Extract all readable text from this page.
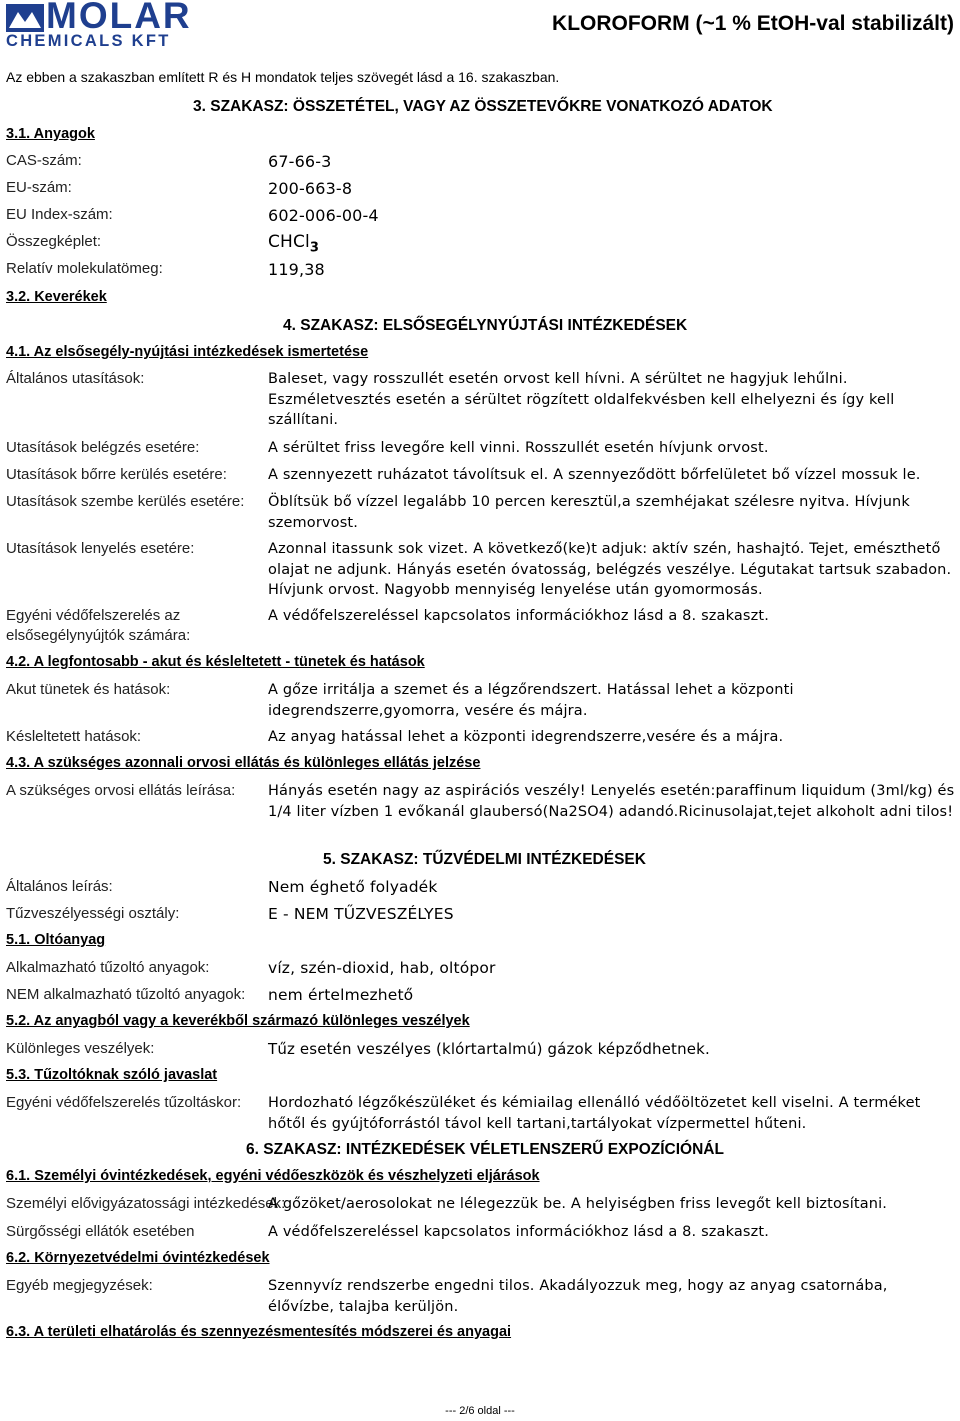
MOLAR
CHEMICALS KFT
KLOROFORM (~1 % EtOH-val stabilizált)
Az ebben a szakaszban említett R és H mondatok teljes szövegét lásd a 16. szakaszban.
3. SZAKASZ: ÖSSZETÉTEL, VAGY AZ ÖSSZETEVŐKRE VONATKOZÓ ADATOK
3.1. Anyagok
CAS-szám:	67-66-3
EU-szám:	200-663-8
EU Index-szám:	602-006-00-4
Összegképlet:	CHCl$_3$
Relatív molekulatömeg:	119,38
3.2. Keverékek
4. SZAKASZ: ELSŐSEGÉLYNYÚJTÁSI INTÉZKEDÉSEK
4.1. Az elsősegély-nyújtási intézkedések ismertetése
Általános utasítások:	Baleset, vagy rosszullét esetén orvost kell hívni. A sérültet ne hagyjuk lehűlni. Eszméletvesztés esetén a sérültet rögzített oldalfekvésben kell elhelyezni és így kell szállítani.
Utasítások belégzés esetére:	A sérültet friss levegőre kell vinni. Rosszullét esetén hívjunk orvost.
Utasítások bőrre kerülés esetére:	A szennyezett ruházatot távolítsuk el. A szennyeződött bőrfelületet bő vízzel mossuk le.
Utasítások szembe kerülés esetére: Öblítsük bő vízzel legalább 10 percen keresztül,a szemhéjakat szélesre nyitva. Hívjunk szemorvost.
Utasítások lenyelés esetére:	Azonnal itassunk sok vizet. A következő(ke)t adjuk: aktív szén, hashajtó. Tejet, emészthető olajat ne adjunk. Hányás esetén óvatosság, belégzés veszélye. Légutakat tartsuk szabadon. Hívjunk orvost. Nagyobb mennyiség lenyelése után gyomormosás.
Egyéni védőfelszerelés az
elsősegélynyújtók számára:
A védőfelszereléssel kapcsolatos információkhoz lásd a 8. szakaszt.
4.2. A legfontosabb - akut és késleltetett - tünetek és hatások
Akut tünetek és hatások:	A gőze irritálja a szemet és a légzőrendszert. Hatással lehet a központi idegrendszerre,gyomorra, vesére és májra.
Késleltetett hatások:	Az anyag hatással lehet a központi idegrendszerre,vesére és a májra.
4.3. A szükséges azonnali orvosi ellátás és különleges ellátás jelzése
A szükséges orvosi ellátás leírása: Hányás esetén nagy az aspirációs veszély! Lenyelés esetén:paraffinum liquidum (3ml/kg) és 1/4 liter vízben 1 evőkanál glaubersó(Na2SO4) adandó.Ricinusolajat,tejet alkoholt adni tilos!
5. SZAKASZ: TŰZVÉDELMI INTÉZKEDÉSEK
Általános leírás:	Nem éghető folyadék
Tűzveszélyességi osztály:	E - NEM TŰZVESZÉLYES
5.1. Oltóanyag
Alkalmazható tűzoltó anyagok:	víz, szén-dioxid, hab, oltópor
NEM alkalmazható tűzoltó anyagok: nem értelmezhető
5.2. Az anyagból vagy a keverékből származó különleges veszélyek
Különleges veszélyek:	Tűz esetén veszélyes (klórtartalmú) gázok képződhetnek.
5.3. Tűzoltóknak szóló javaslat
Egyéni védőfelszerelés tűzoltáskor: Hordozható légzőkészüléket és kémiailag ellenálló védőöltözetet kell viselni. A terméket hőtől és gyújtóforrástól távol kell tartani,tartályokat vízpermettel hűteni.
6. SZAKASZ: INTÉZKEDÉSEK VÉLETLENSZERŰ EXPOZÍCIÓNÁL
6.1. Személyi óvintézkedések, egyéni védőeszközök és vészhelyzeti eljárások
Személyi elővigyázatossági intézkedések:
A gőzöket/aerosolokat ne lélegezzük be. A helyiségben friss levegőt kell biztosítani.
Sürgősségi ellátók esetében	A védőfelszereléssel kapcsolatos információkhoz lásd a 8. szakaszt.
6.2. Környezetvédelmi óvintézkedések
Egyéb megjegyzések:	Szennyvíz rendszerbe engedni tilos. Akadályozzuk meg, hogy az anyag csatornába, élővízbe, talajba kerüljön.
6.3. A területi elhatárolás és szennyezésmentesítés módszerei és anyagai
--- 2/6 oldal ---
